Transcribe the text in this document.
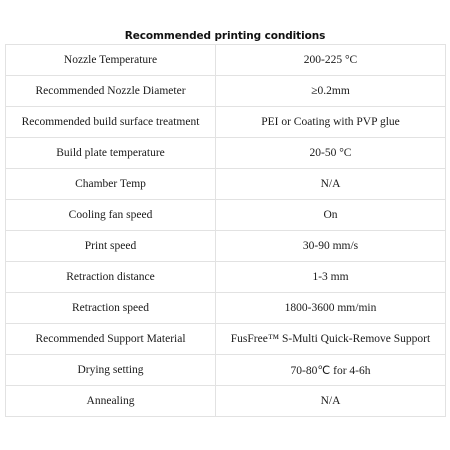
Recommended printing conditions
Nozzle Temperature	200-225 °C
Recommended Nozzle Diameter	≥0.2mm
Recommended build surface treatment	PEI or Coating with PVP glue
Build plate temperature	20-50 °C
Chamber Temp	N/A
Cooling fan speed	On
Print speed	30-90 mm/s
Retraction distance	1-3 mm
Retraction speed	1800-3600 mm/min
Recommended Support Material	FusFree™ S-Multi Quick-Remove Support
Drying setting	70-80℃ for 4-6h
Annealing	N/A
